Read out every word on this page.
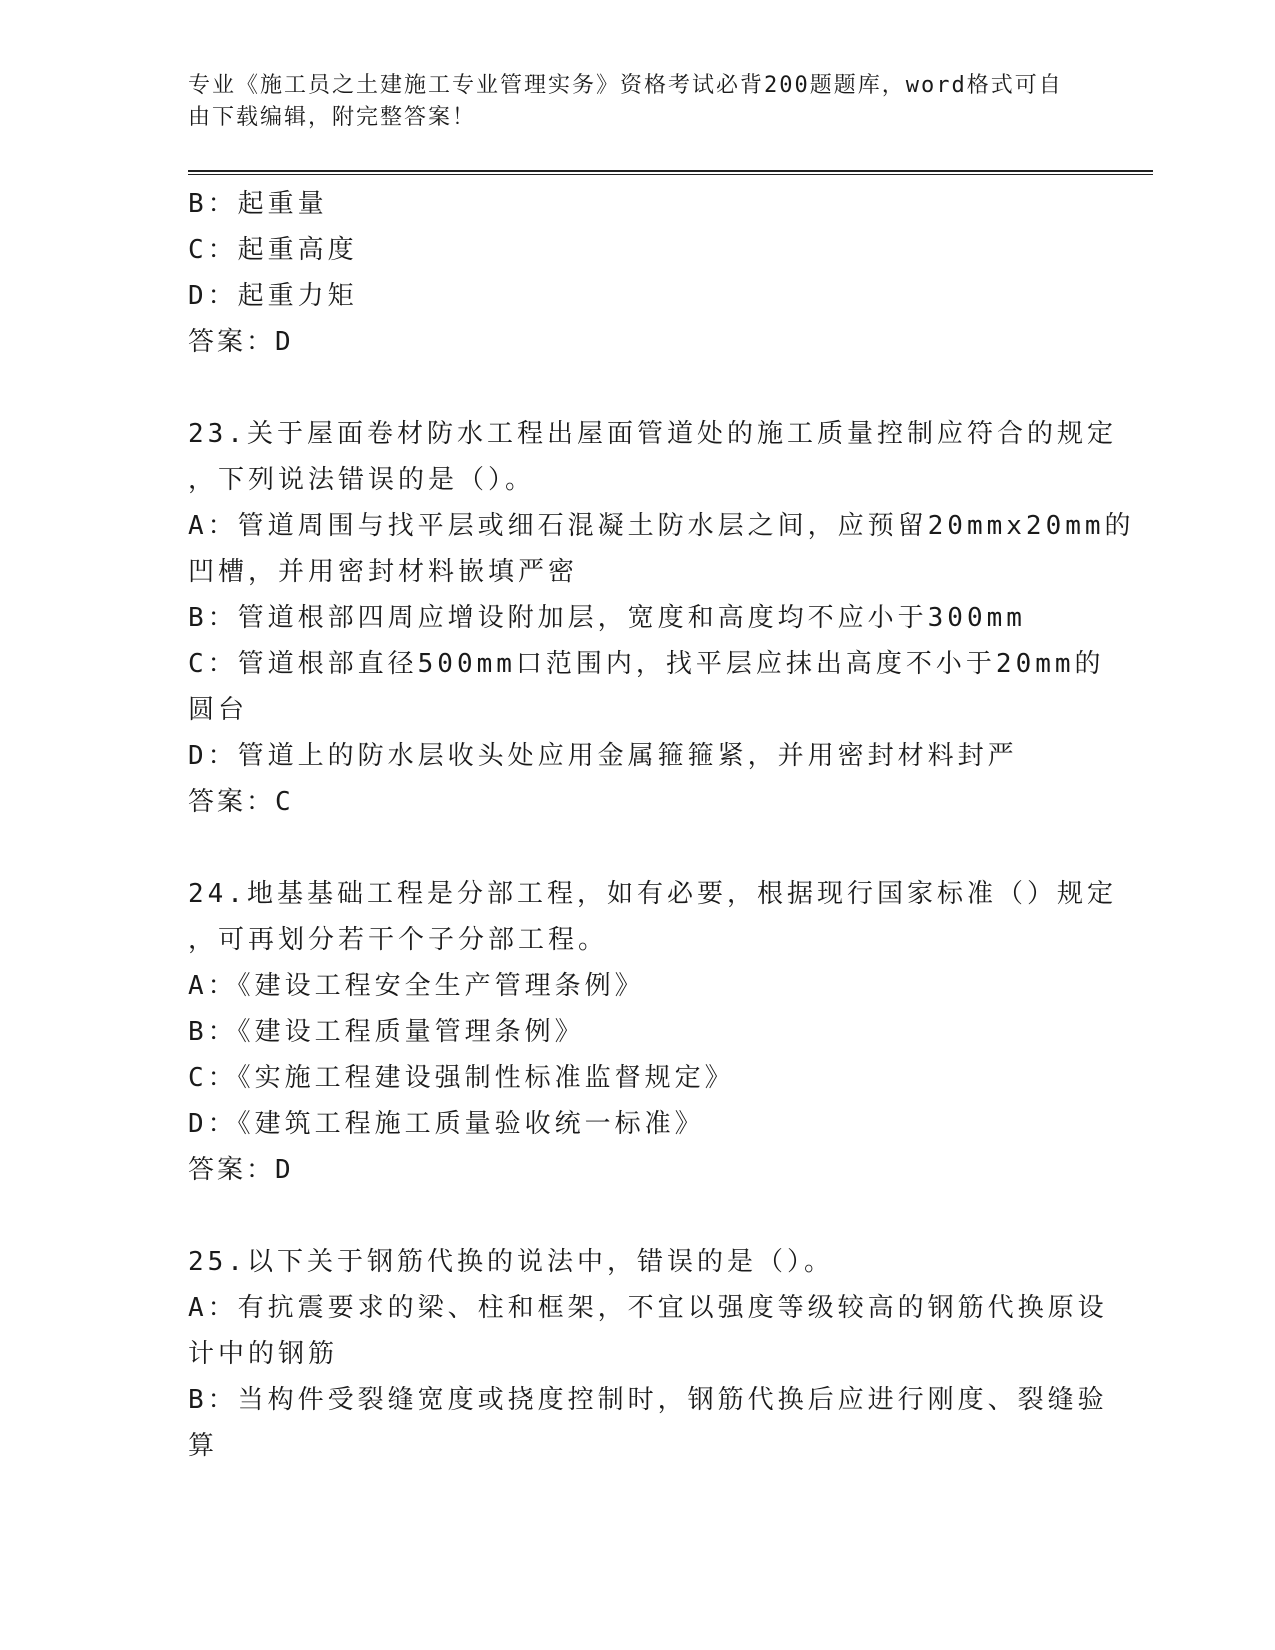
专业《施工员之土建施工专业管理实务》资格考试必背200题题库，word格式可自由下载编辑，附完整答案！

B：起重量

C：起重高度

D：起重力矩

答案：D

23.关于屋面卷材防水工程出屋面管道处的施工质量控制应符合的规定

，下列说法错误的是（）。

A：管道周围与找平层或细石混凝土防水层之间，应预留20mmx20mm的

凹槽，并用密封材料嵌填严密

B：管道根部四周应增设附加层，宽度和高度均不应小于300mm

C：管道根部直径500mm口范围内，找平层应抹出高度不小于20mm的

圆台

D：管道上的防水层收头处应用金属箍箍紧，并用密封材料封严

答案：C

24.地基基础工程是分部工程，如有必要，根据现行国家标准（）规定

，可再划分若干个子分部工程。

A：《建设工程安全生产管理条例》

B：《建设工程质量管理条例》

C：《实施工程建设强制性标准监督规定》

D：《建筑工程施工质量验收统一标准》

答案：D

25.以下关于钢筋代换的说法中，错误的是（）。

A：有抗震要求的梁、柱和框架，不宜以强度等级较高的钢筋代换原设

计中的钢筋

B：当构件受裂缝宽度或挠度控制时，钢筋代换后应进行刚度、裂缝验

算
